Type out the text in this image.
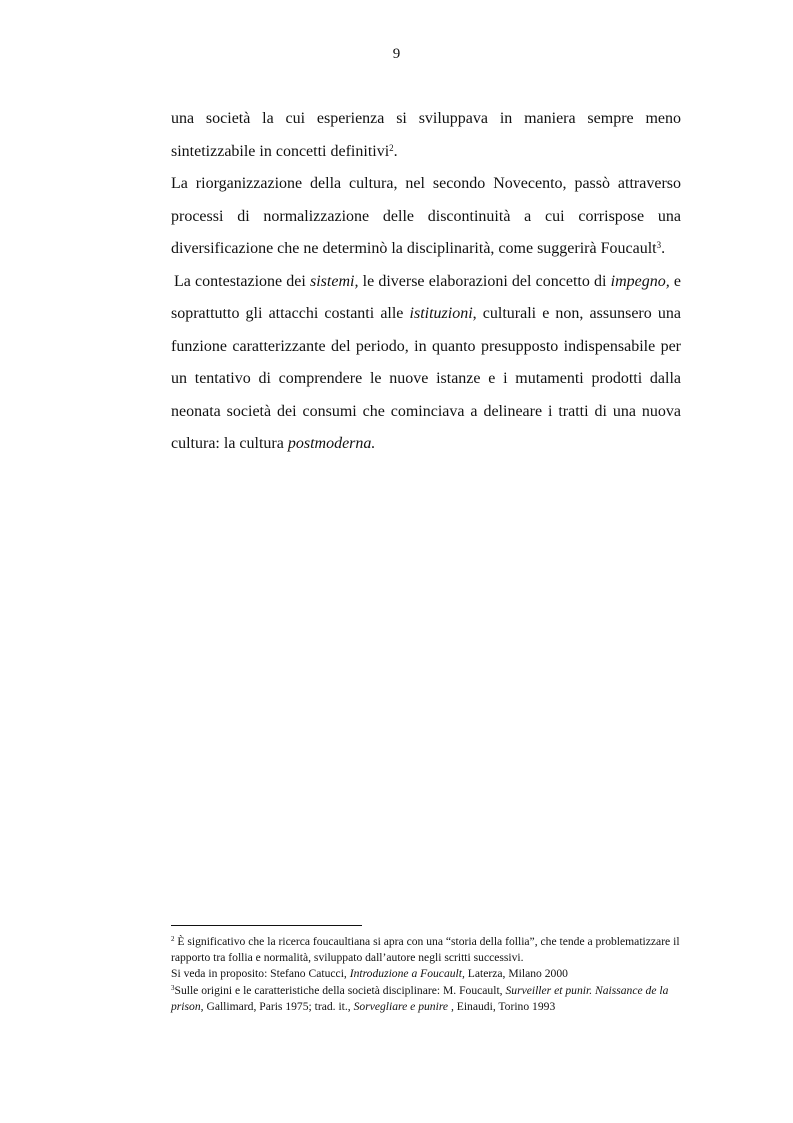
9

una società la cui esperienza si sviluppava in maniera sempre meno sintetizzabile in concetti definitivi$^2$.

La riorganizzazione della cultura, nel secondo Novecento, passò attraverso processi di normalizzazione delle discontinuità a cui corrispose una diversificazione che ne determinò la disciplinarità, come suggerirà Foucault$^3$.

La contestazione dei sistemi, le diverse elaborazioni del concetto di impegno, e soprattutto gli attacchi costanti alle istituzioni, culturali e non, assunsero una funzione caratterizzante del periodo, in quanto presupposto indispensabile per un tentativo di comprendere le nuove istanze e i mutamenti prodotti dalla neonata società dei consumi che cominciava a delineare i tratti di una nuova cultura: la cultura postmoderna.

$^2$ È significativo che la ricerca foucaultiana si apra con una “storia della follia”, che tende a problematizzare il rapporto tra follia e normalità, sviluppato dall’autore negli scritti successivi.
Si veda in proposito: Stefano Catucci, Introduzione a Foucault, Laterza, Milano 2000

$^3$Sulle origini e le caratteristiche della società disciplinare: M. Foucault, Surveiller et punir. Naissance de la prison, Gallimard, Paris 1975; trad. it., Sorvegliare e punire , Einaudi, Torino 1993
